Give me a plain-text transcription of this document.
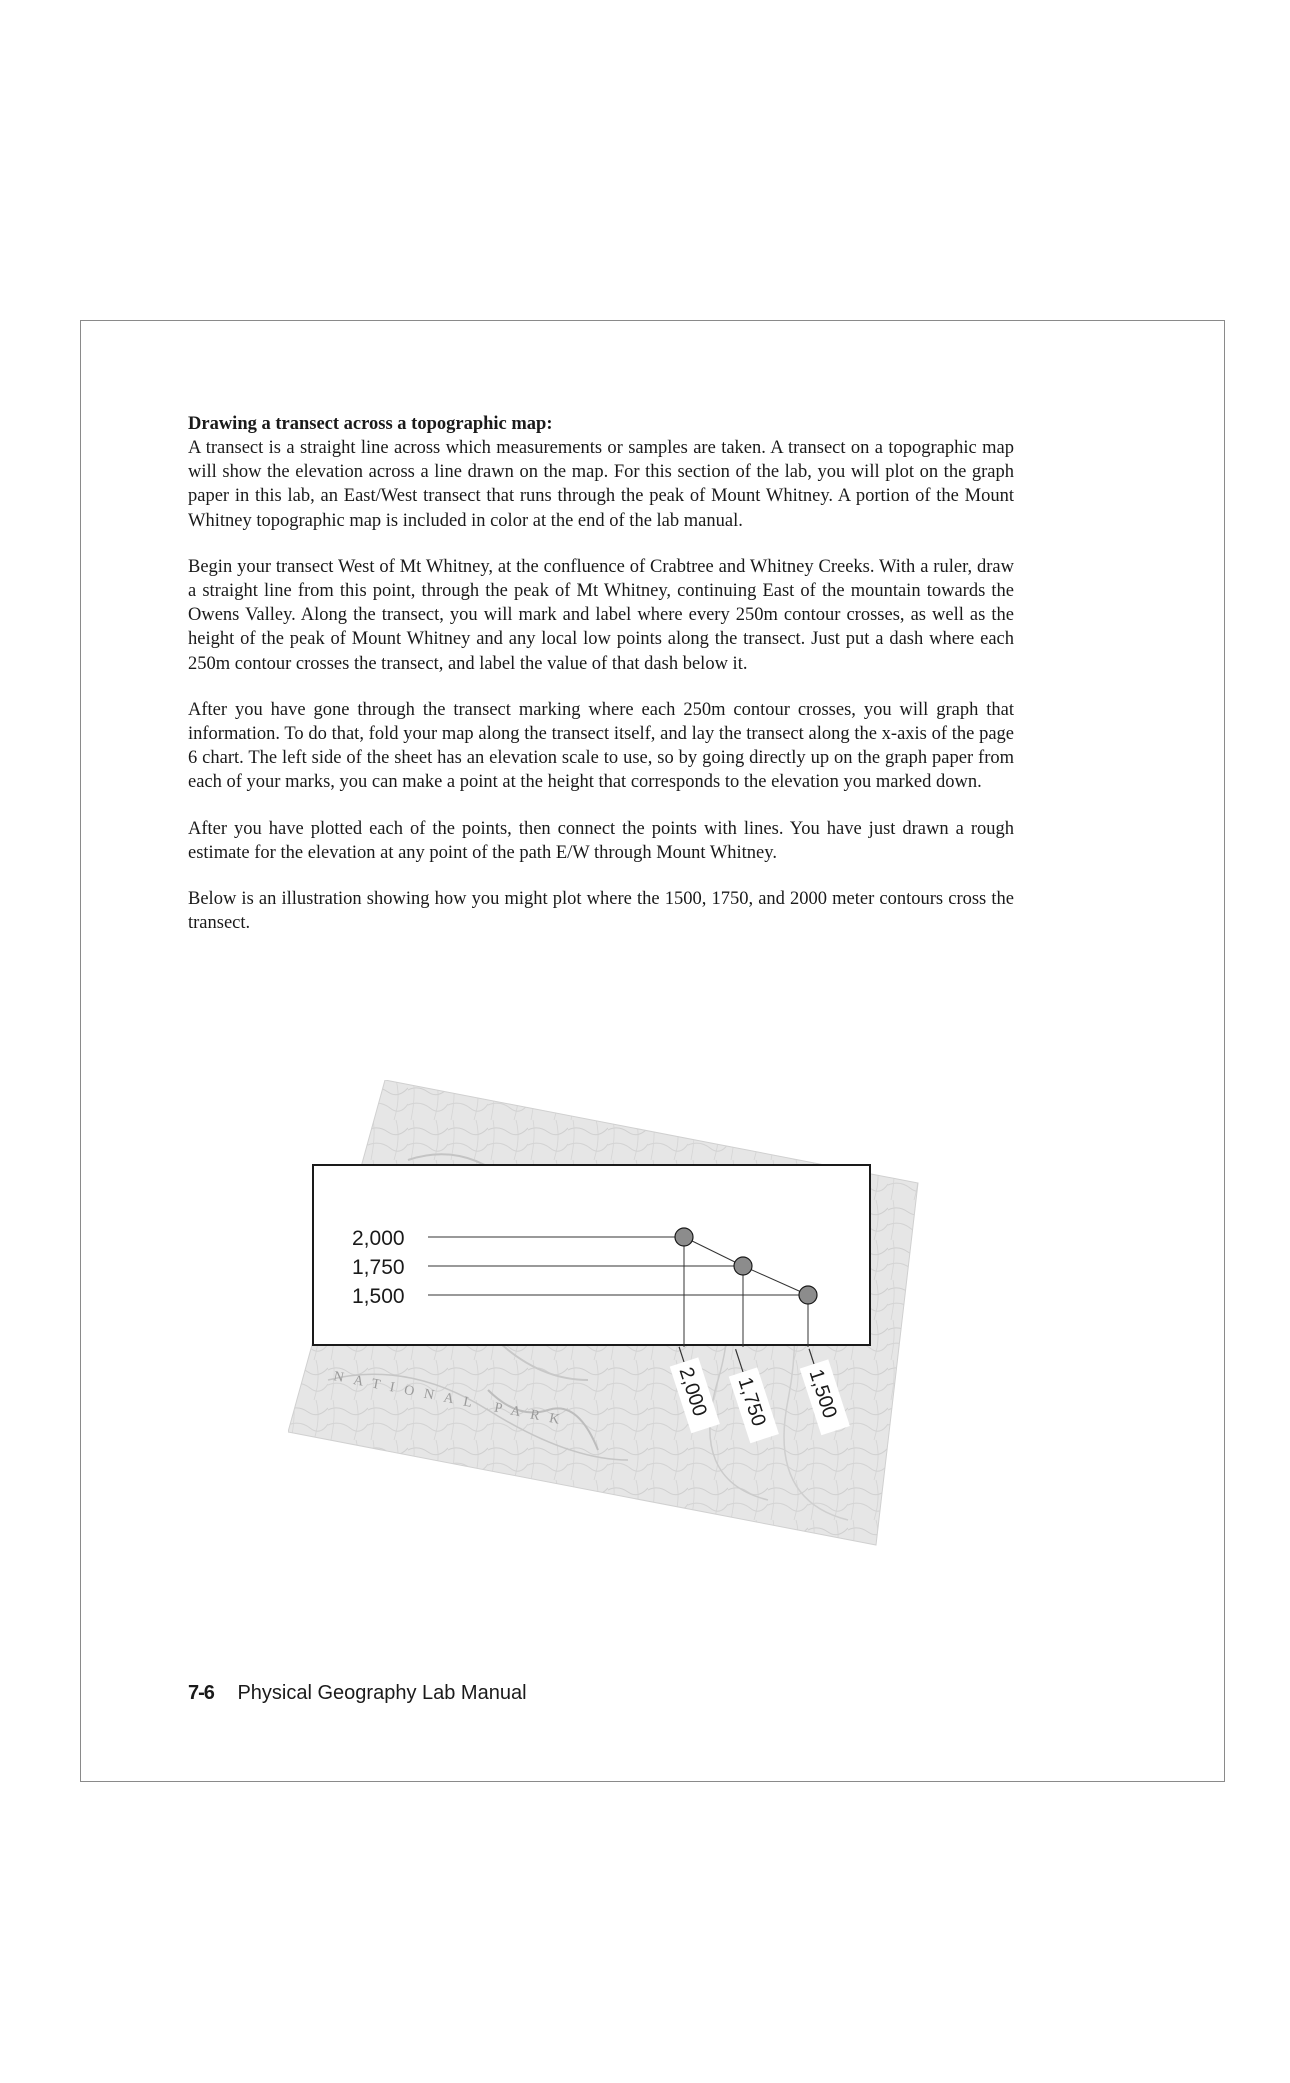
Drawing a transect across a topographic map:

A transect is a straight line across which measurements or samples are taken. A transect on a topographic map will show the elevation across a line drawn on the map. For this section of the lab, you will plot on the graph paper in this lab, an East/West transect that runs through the peak of Mount Whitney. A portion of the Mount Whitney topographic map is included in color at the end of the lab manual.

Begin your transect West of Mt Whitney, at the confluence of Crabtree and Whitney Creeks. With a ruler, draw a straight line from this point, through the peak of Mt Whitney, continuing East of the mountain towards the Owens Valley. Along the transect, you will mark and label where every 250m contour crosses, as well as the height of the peak of Mount Whitney and any local low points along the transect. Just put a dash where each 250m contour crosses the transect, and label the value of that dash below it.

After you have gone through the transect marking where each 250m contour crosses, you will graph that information. To do that, fold your map along the transect itself, and lay the transect along the x-axis of the page 6 chart. The left side of the sheet has an elevation scale to use, so by going directly up on the graph paper from each of your marks, you can make a point at the height that corresponds to the elevation you marked down.

After you have plotted each of the points, then connect the points with lines. You have just drawn a rough estimate for the elevation at any point of the path E/W through Mount Whitney.

Below is an illustration showing how you might plot where the 1500, 1750, and 2000 meter contours cross the transect.

NATIONAL PARK
2,000
1,750
1,500
2,000 1,750 1,500
7-6 Physical Geography Lab Manual
